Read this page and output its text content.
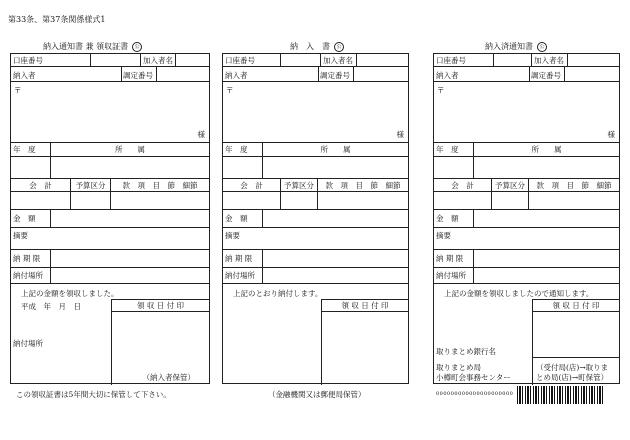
第33条、第37条関係様式1
納入通知書 兼 領収証書	公
口座番号	加入者名
納入者	調定番号
〒
様
年　度	所　　属
会　計	予算区分	款　項　目　節　細節
金　額
摘要
納 期 限
納付場所
上記の金額を領収しました。
平成　年　月　日
納付場所
領 収 日 付 印
（納入者保管）
この領収証書は5年間大切に保管して下さい。
納　入　書	公
口座番号	加入者名
納入者	調定番号
〒
様
年　度	所　　属
会　計	予算区分	款　項　目　節　細節
金　額
摘要
納 期 限
納付場所
上記のとおり納付します。
領 収 日 付 印
（金融機関又は郵便局保管）
納入済通知書	公
口座番号	加入者名
納入者	調定番号
〒
様
年　度	所　　属
会　計	予算区分	款　項　目　節　細節
金　額
摘要
納 期 限
納付場所
上記の金額を領収しましたので通知します。
取りまとめ銀行名
取りまとめ局
小樽町会事務センター
領 収 日 付 印
（受付局(店)→取りま
とめ局(店)→町保管）
000000000000000000000
